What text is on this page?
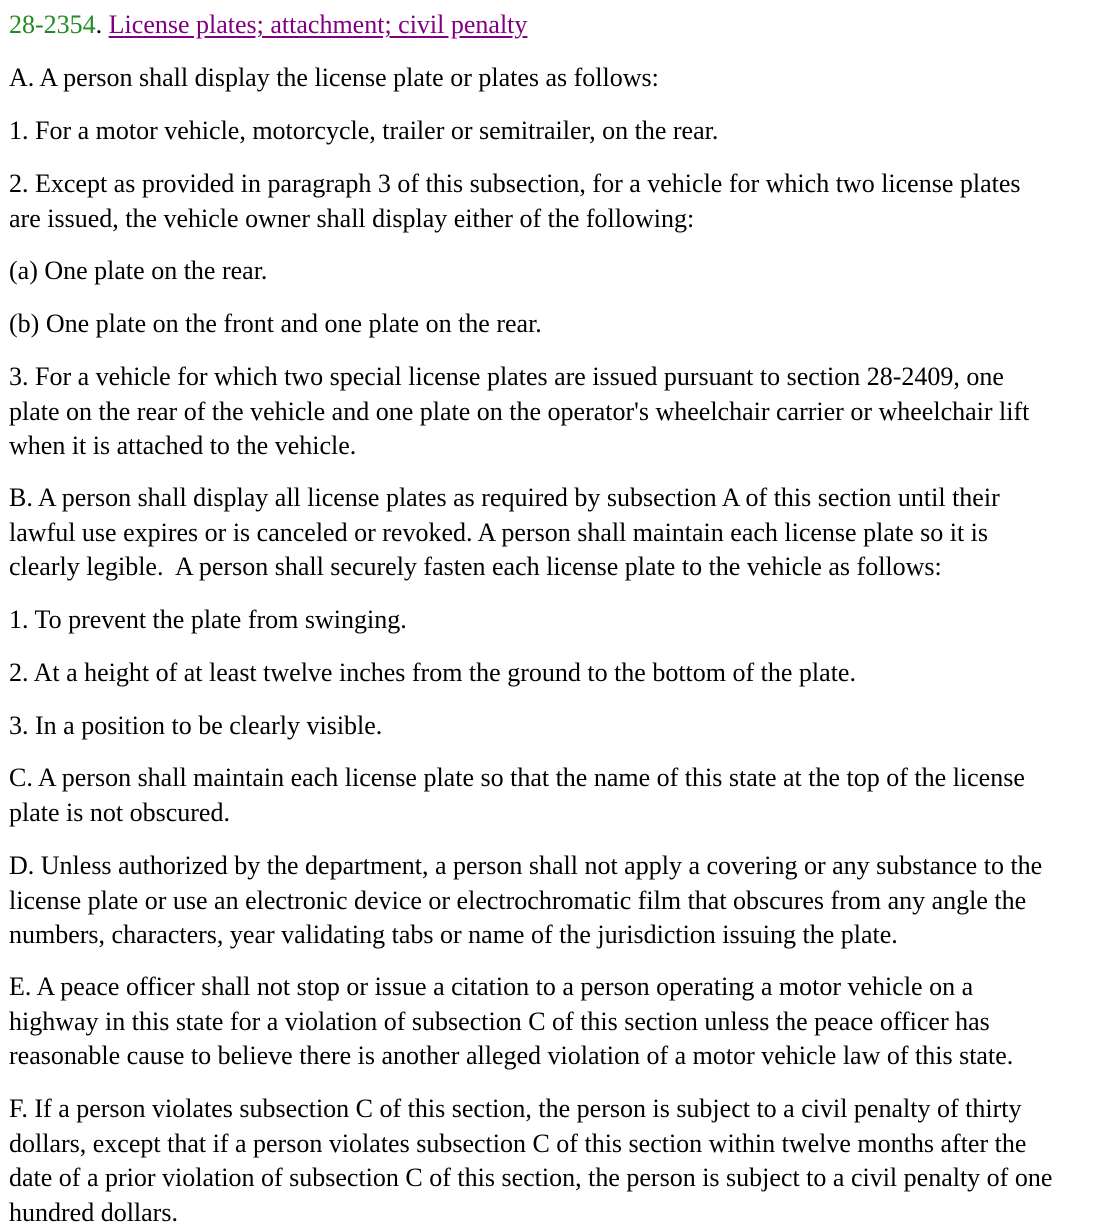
28-2354. License plates; attachment; civil penalty

A. A person shall display the license plate or plates as follows:

1. For a motor vehicle, motorcycle, trailer or semitrailer, on the rear.

2. Except as provided in paragraph 3 of this subsection, for a vehicle for which two license plates
are issued, the vehicle owner shall display either of the following:

(a) One plate on the rear.

(b) One plate on the front and one plate on the rear.

3. For a vehicle for which two special license plates are issued pursuant to section 28-2409, one
plate on the rear of the vehicle and one plate on the operator's wheelchair carrier or wheelchair lift
when it is attached to the vehicle.

B. A person shall display all license plates as required by subsection A of this section until their
lawful use expires or is canceled or revoked. A person shall maintain each license plate so it is
clearly legible.  A person shall securely fasten each license plate to the vehicle as follows:

1. To prevent the plate from swinging.

2. At a height of at least twelve inches from the ground to the bottom of the plate.

3. In a position to be clearly visible.

C. A person shall maintain each license plate so that the name of this state at the top of the license
plate is not obscured.

D. Unless authorized by the department, a person shall not apply a covering or any substance to the
license plate or use an electronic device or electrochromatic film that obscures from any angle the
numbers, characters, year validating tabs or name of the jurisdiction issuing the plate.

E. A peace officer shall not stop or issue a citation to a person operating a motor vehicle on a
highway in this state for a violation of subsection C of this section unless the peace officer has
reasonable cause to believe there is another alleged violation of a motor vehicle law of this state.

F. If a person violates subsection C of this section, the person is subject to a civil penalty of thirty
dollars, except that if a person violates subsection C of this section within twelve months after the
date of a prior violation of subsection C of this section, the person is subject to a civil penalty of one
hundred dollars.
